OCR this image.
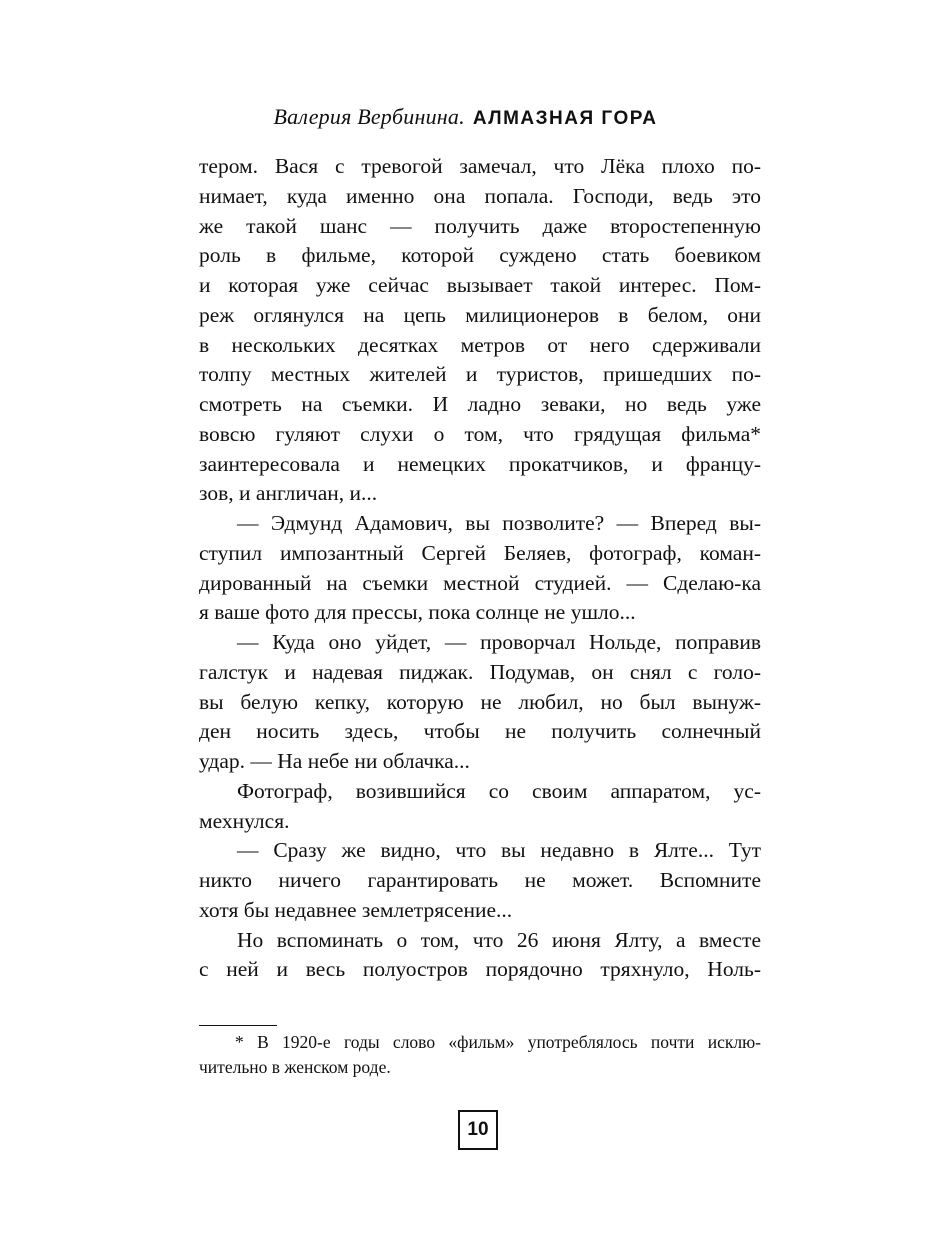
Валерия Вербинина. АЛМАЗНАЯ ГОРА
тером. Вася с тревогой замечал, что Лёка плохо по-
нимает, куда именно она попала. Господи, ведь это
же такой шанс — получить даже второстепенную
роль в фильме, которой суждено стать боевиком
и которая уже сейчас вызывает такой интерес. Пом-
реж оглянулся на цепь милиционеров в белом, они
в нескольких десятках метров от него сдерживали
толпу местных жителей и туристов, пришедших по-
смотреть на съемки. И ладно зеваки, но ведь уже
вовсю гуляют слухи о том, что грядущая фильма*
заинтересовала и немецких прокатчиков, и францу-
зов, и англичан, и...
— Эдмунд Адамович, вы позволите? — Вперед вы-
ступил импозантный Сергей Беляев, фотограф, коман-
дированный на съемки местной студией. — Сделаю-ка
я ваше фото для прессы, пока солнце не ушло...
— Куда оно уйдет, — проворчал Нольде, поправив
галстук и надевая пиджак. Подумав, он снял с голо-
вы белую кепку, которую не любил, но был вынуж-
ден носить здесь, чтобы не получить солнечный
удар. — На небе ни облачка...
Фотограф, возившийся со своим аппаратом, ус-
мехнулся.
— Сразу же видно, что вы недавно в Ялте... Тут
никто ничего гарантировать не может. Вспомните
хотя бы недавнее землетрясение...
Но вспоминать о том, что 26 июня Ялту, а вместе
с ней и весь полуостров порядочно тряхнуло, Ноль-
* В 1920-е годы слово «фильм» употреблялось почти исклю-
чительно в женском роде.
10
